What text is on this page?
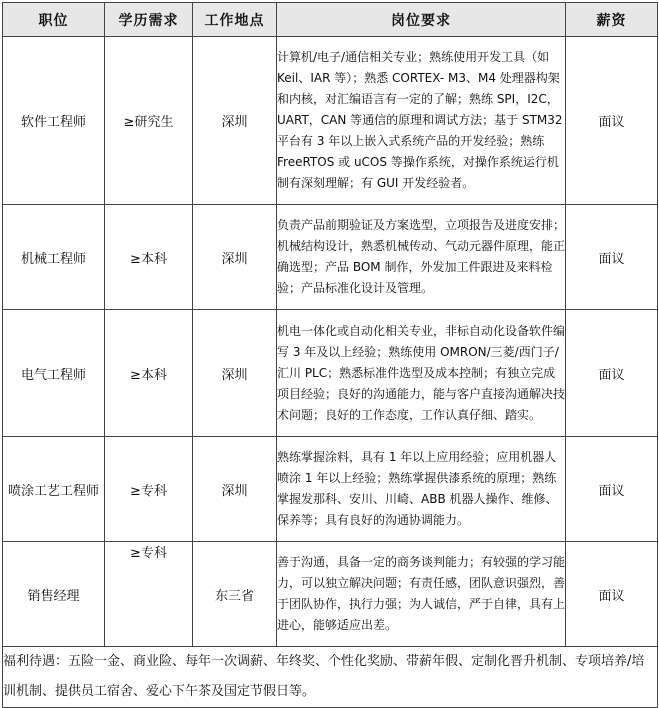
职位	学历需求	工作地点	岗位要求	薪资
软件工程师	≥研究生	深圳	计算机/电子/通信相关专业；熟练使用开发工具（如 Keil、IAR 等）；熟悉 CORTEX- M3、M4 处理器构架和内核，对汇编语言有一定的了解；熟练 SPI，I2C，UART，CAN 等通信的原理和调试方法；基于 STM32 平台有 3 年以上嵌入式系统产品的开发经验；熟练 FreeRTOS 或 uCOS 等操作系统，对操作系统运行机制有深刻理解；有 GUI 开发经验者。	面议
机械工程师	≥本科	深圳	负责产品前期验证及方案选型，立项报告及进度安排；机械结构设计，熟悉机械传动、气动元器件原理，能正确选型；产品 BOM 制作，外发加工件跟进及来料检验；产品标准化设计及管理。	面议
电气工程师	≥本科	深圳	机电一体化或自动化相关专业，非标自动化设备软件编写 3 年及以上经验；熟练使用 OMRON/三菱/西门子/汇川 PLC；熟悉标准件选型及成本控制；有独立完成项目经验；良好的沟通能力，能与客户直接沟通解决技术问题；良好的工作态度，工作认真仔细、踏实。	面议
喷涂工艺工程师	≥专科	深圳	熟练掌握涂料，具有 1 年以上应用经验；应用机器人喷涂 1 年以上经验；熟练掌握供漆系统的原理；熟练掌握发那科、安川、川崎、ABB 机器人操作、维修、保养等；具有良好的沟通协调能力。	面议
销售经理	≥专科	东三省	善于沟通，具备一定的商务谈判能力；有较强的学习能力，可以独立解决问题；有责任感，团队意识强烈，善于团队协作，执行力强；为人诚信，严于自律，具有上进心，能够适应出差。	面议
福利待遇：五险一金、商业险、每年一次调薪、年终奖、个性化奖励、带薪年假、定制化晋升机制、专项培养/培训机制、提供员工宿舍、爱心下午茶及国定节假日等。				
